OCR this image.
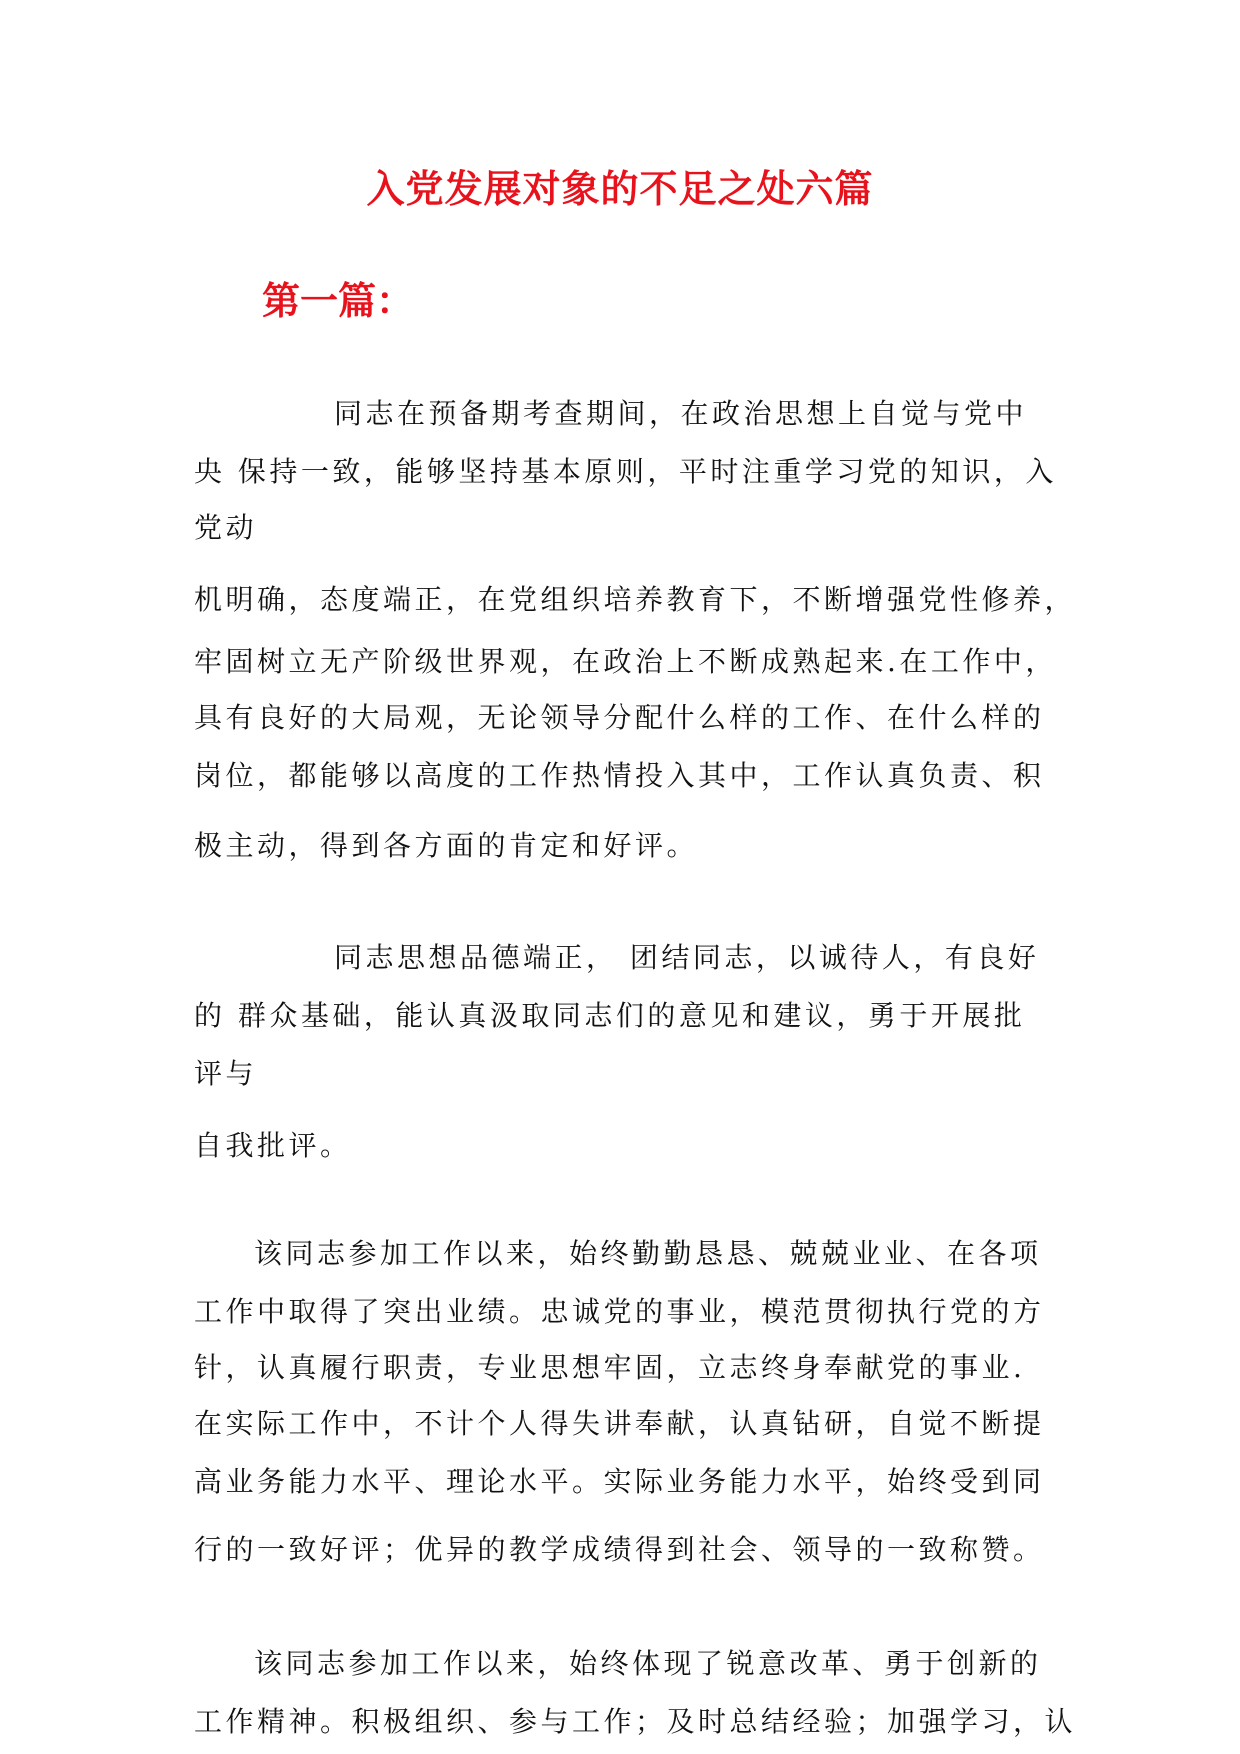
入党发展对象的不足之处六篇
第一篇：
同志在预备期考查期间，在政治思想上自觉与党中
央 保持一致，能够坚持基本原则，平时注重学习党的知识，入
党动
机明确，态度端正，在党组织培养教育下，不断增强党性修养，
牢固树立无产阶级世界观，在政治上不断成熟起来.在工作中，
具有良好的大局观，无论领导分配什么样的工作、在什么样的
岗位，都能够以高度的工作热情投入其中，工作认真负责、积
极主动，得到各方面的肯定和好评。
同志思想品德端正， 团结同志，以诚待人，有良好
的 群众基础，能认真汲取同志们的意见和建议，勇于开展批
评与
自我批评。
该同志参加工作以来，始终勤勤恳恳、兢兢业业、在各项
工作中取得了突出业绩。忠诚党的事业，模范贯彻执行党的方
针，认真履行职责，专业思想牢固，立志终身奉献党的事业.
在实际工作中，不计个人得失讲奉献，认真钻研，自觉不断提
高业务能力水平、理论水平。实际业务能力水平，始终受到同
行的一致好评；优异的教学成绩得到社会、领导的一致称赞。
该同志参加工作以来，始终体现了锐意改革、勇于创新的
工作精神。积极组织、参与工作；及时总结经验；加强学习，认
